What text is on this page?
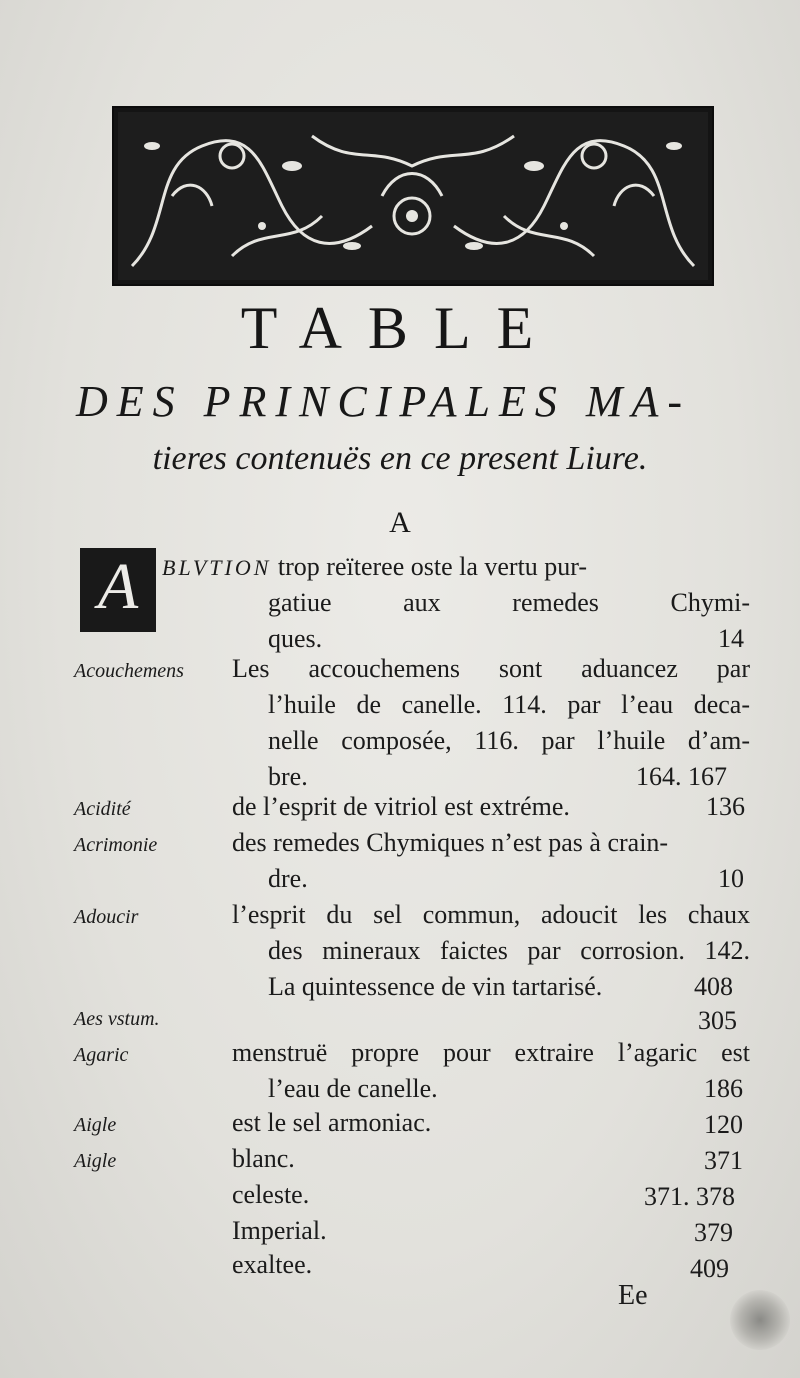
TABLE
DES PRINCIPALES MA-
tieres contenuës en ce present Liure.
A
A	BLVTION trop reïteree oste la vertu pur-
gatiue aux remedes Chymi-
ques.	14
Acouchemens Les accouchemens sont aduancez par
l’huile de canelle. 114. par l’eau deca-
nelle composée, 116. par l’huile d’am-
bre.	164. 167
Acidité	de l’esprit de vitriol est extréme.	136
Acrimonie	des remedes Chymiques n’est pas à crain-
dre.	10
Adoucir	l’esprit du sel commun, adoucit les chaux
des mineraux faictes par corrosion. 142.
La quintessence de vin tartarisé.	408
Aes vstum.	305
Agaric	menstruë propre pour extraire l’agaric est
l’eau de canelle.	186
Aigle	est le sel armoniac.	120
Aigle	blanc.	371
celeste.	371. 378
Imperial.	379
exaltee.	409
Ee
